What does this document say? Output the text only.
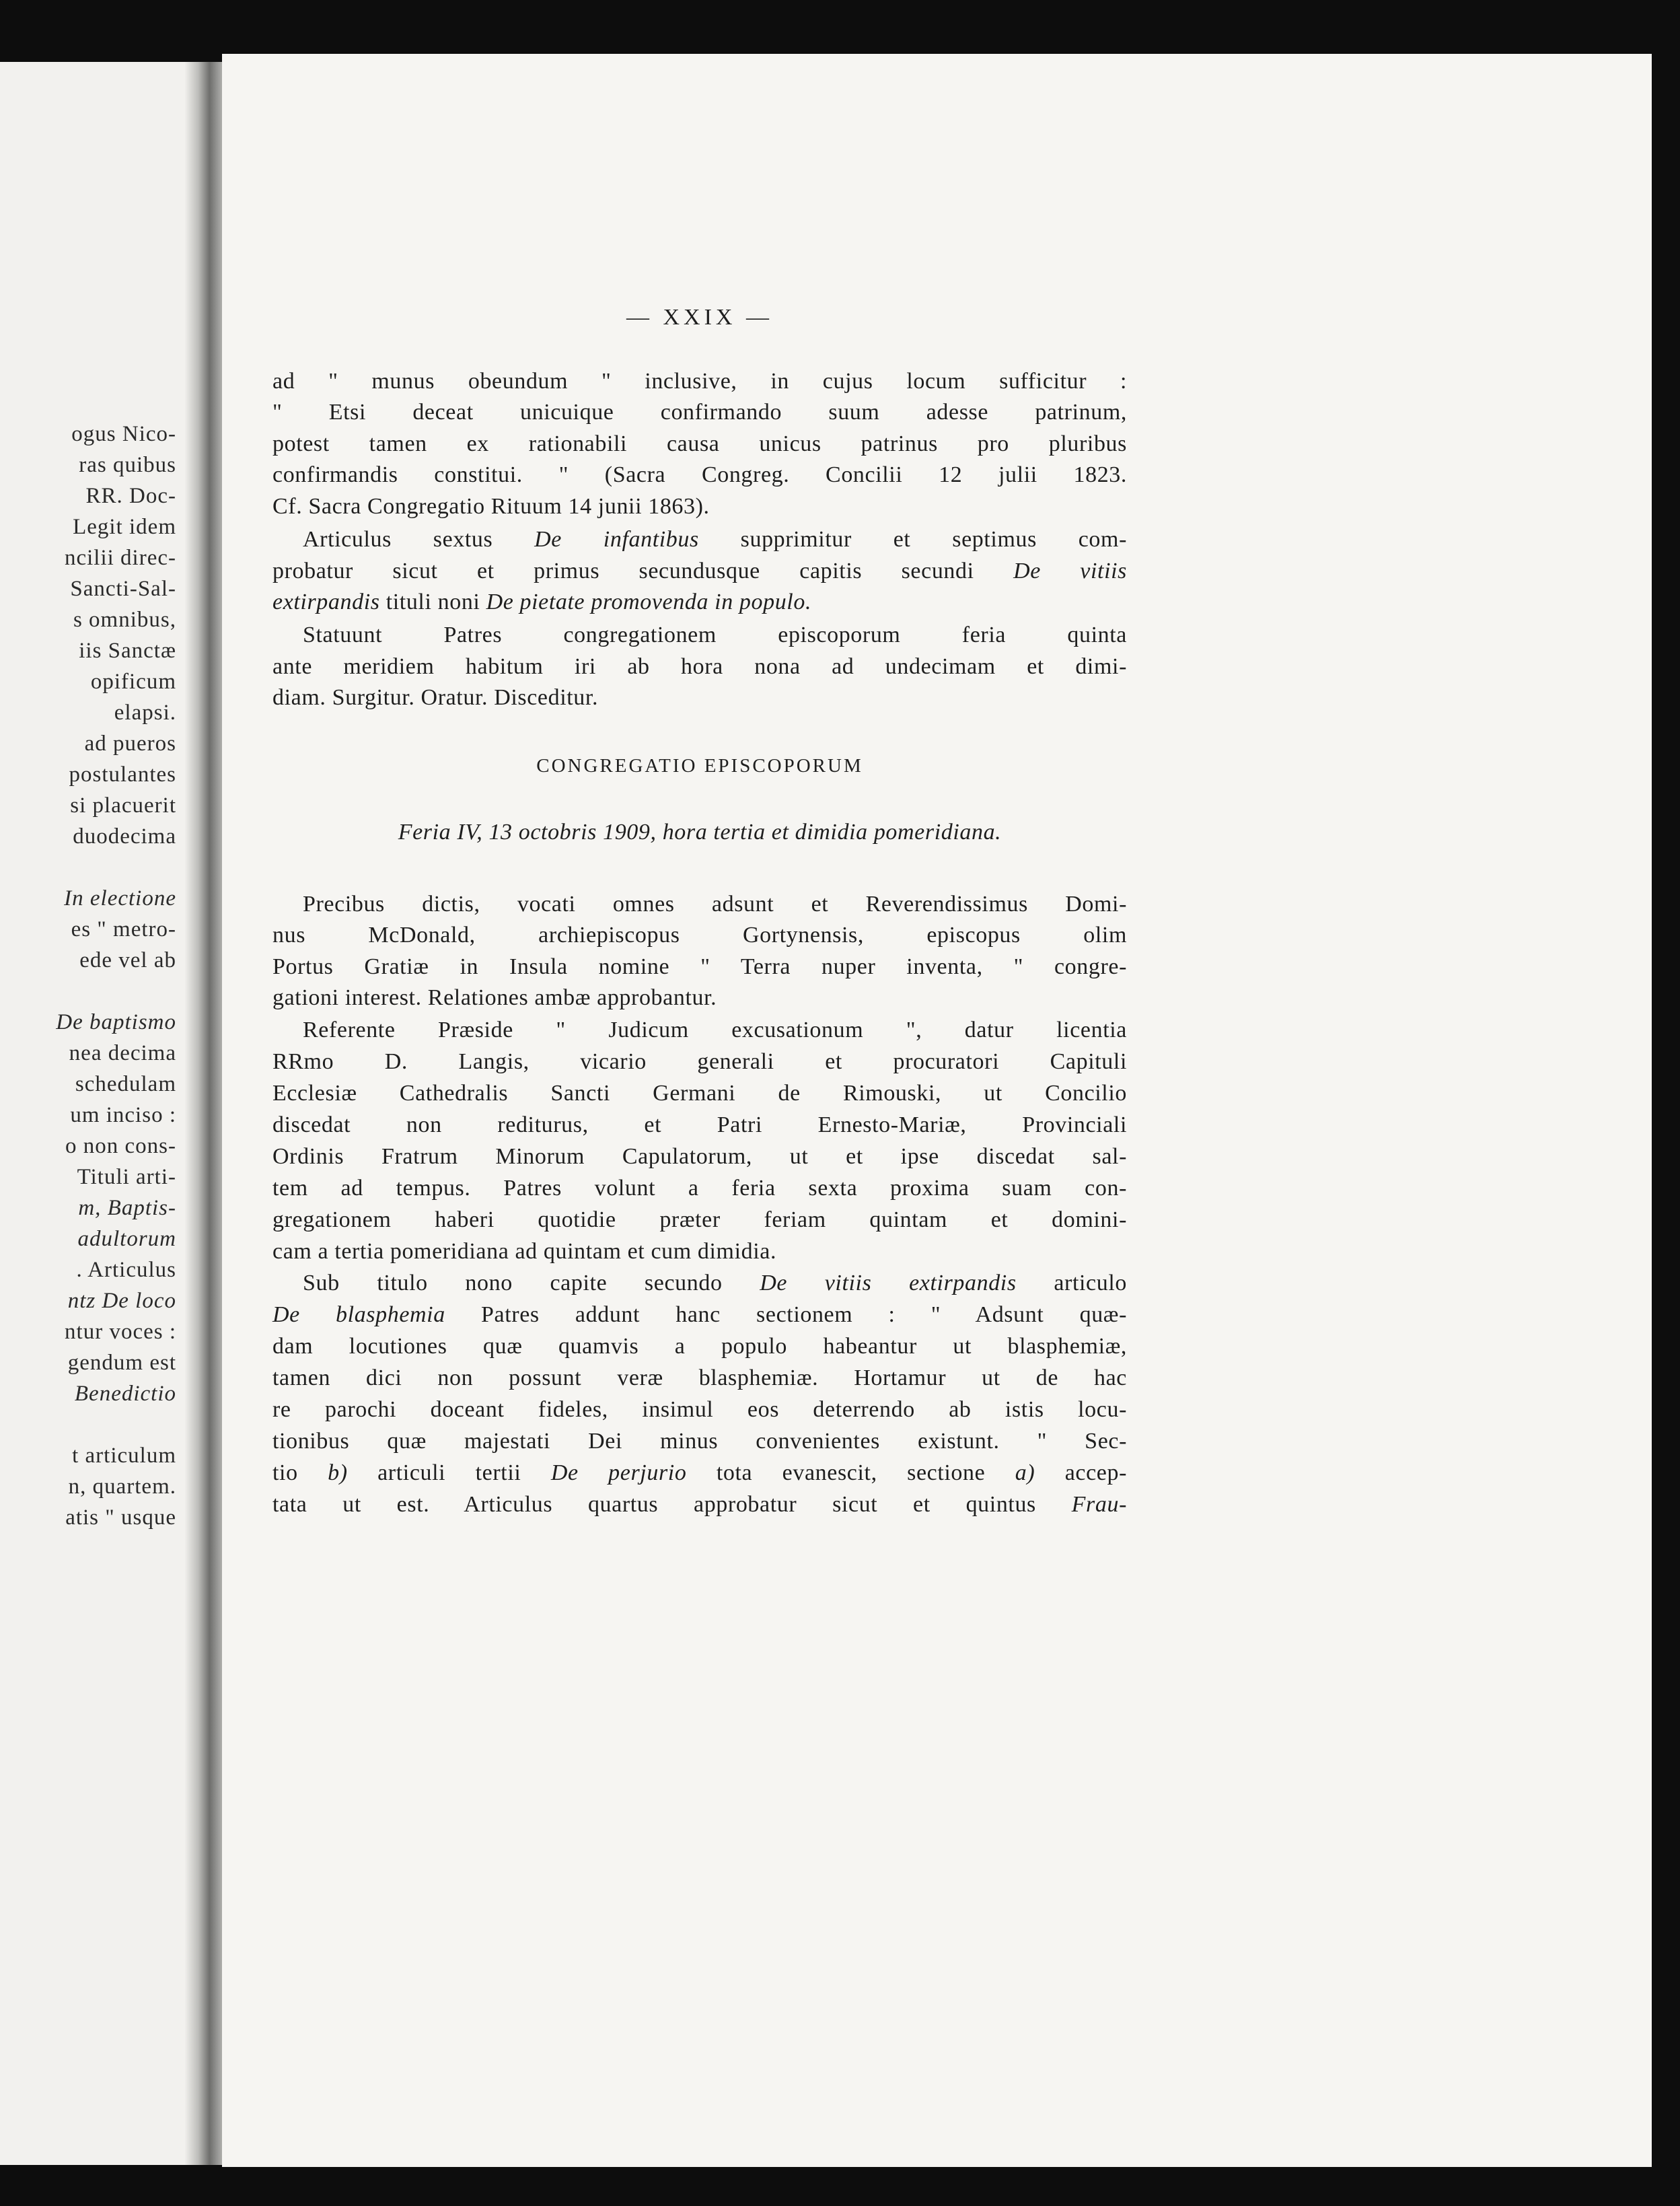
ogus Nico-
ras quibus
RR. Doc-
Legit idem
ncilii direc-
Sancti-Sal-
s omnibus,
iis Sanctæ
opificum
elapsi.
ad pueros
postulantes
si placuerit
duodecima
In electione
es " metro-
ede vel ab
De baptismo
nea decima
schedulam
um inciso :
o non cons-
Tituli arti-
m, Baptis-
adultorum
. Articulus
ntz De loco
ntur voces :
gendum est
Benedictio
t articulum
n, quartem.
atis " usque
— XXIX —
ad " munus obeundum " inclusive, in cujus locum sufficitur :
" Etsi deceat unicuique confirmando suum adesse patrinum,
potest tamen ex rationabili causa unicus patrinus pro pluribus
confirmandis constitui. " (Sacra Congreg. Concilii 12 julii 1823.
Cf. Sacra Congregatio Rituum 14 junii 1863).
Articulus sextus De infantibus supprimitur et septimus com-
probatur sicut et primus secundusque capitis secundi De vitiis
extirpandis tituli noni De pietate promovenda in populo.
Statuunt Patres congregationem episcoporum feria quinta
ante meridiem habitum iri ab hora nona ad undecimam et dimi-
diam. Surgitur. Oratur. Disceditur.
CONGREGATIO EPISCOPORUM
Feria IV, 13 octobris 1909, hora tertia et dimidia pomeridiana.
Precibus dictis, vocati omnes adsunt et Reverendissimus Domi-
nus McDonald, archiepiscopus Gortynensis, episcopus olim
Portus Gratiæ in Insula nomine " Terra nuper inventa, " congre-
gationi interest. Relationes ambæ approbantur.
Referente Præside " Judicum excusationum ", datur licentia
RRmo D. Langis, vicario generali et procuratori Capituli
Ecclesiæ Cathedralis Sancti Germani de Rimouski, ut Concilio
discedat non rediturus, et Patri Ernesto-Mariæ, Provinciali
Ordinis Fratrum Minorum Capulatorum, ut et ipse discedat sal-
tem ad tempus. Patres volunt a feria sexta proxima suam con-
gregationem haberi quotidie præter feriam quintam et domini-
cam a tertia pomeridiana ad quintam et cum dimidia.
Sub titulo nono capite secundo De vitiis extirpandis articulo
De blasphemia Patres addunt hanc sectionem : " Adsunt quæ-
dam locutiones quæ quamvis a populo habeantur ut blasphemiæ,
tamen dici non possunt veræ blasphemiæ. Hortamur ut de hac
re parochi doceant fideles, insimul eos deterrendo ab istis locu-
tionibus quæ majestati Dei minus convenientes existunt. " Sec-
tio b) articuli tertii De perjurio tota evanescit, sectione a) accep-
tata ut est. Articulus quartus approbatur sicut et quintus Frau-
